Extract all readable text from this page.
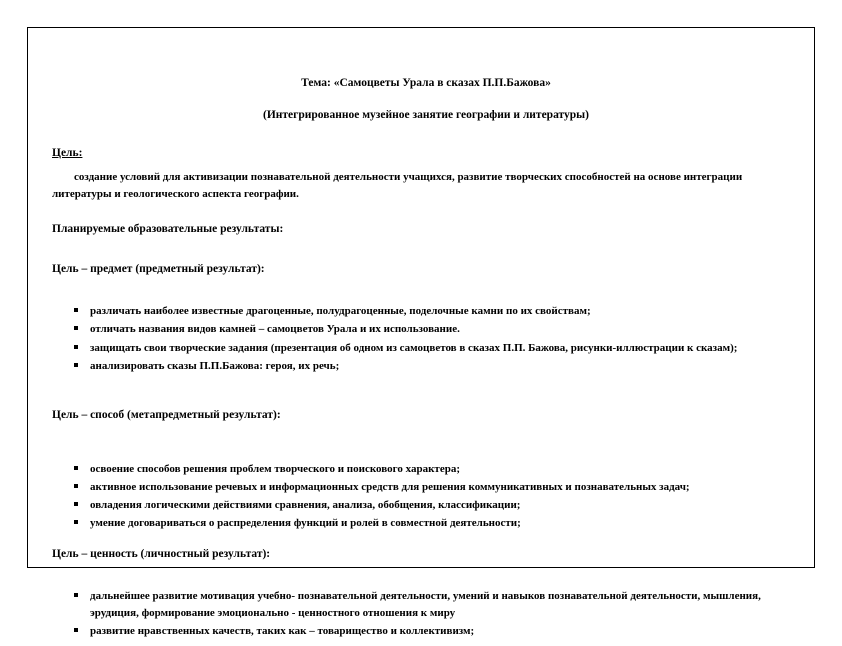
Тема: «Самоцветы Урала в сказах П.П.Бажова»
(Интегрированное музейное занятие географии и литературы)
Цель:
создание условий для активизации познавательной деятельности учащихся, развитие творческих способностей на основе интеграции литературы и геологического аспекта географии.
Планируемые образовательные результаты:
Цель – предмет (предметный результат):
различать наиболее известные драгоценные, полудрагоценные, поделочные камни по их свойствам;
отличать названия видов камней – самоцветов Урала и их использование.
защищать свои творческие задания (презентация об одном из самоцветов в сказах П.П. Бажова, рисунки-иллюстрации к сказам);
анализировать сказы П.П.Бажова: героя, их речь;
Цель – способ (метапредметный результат):
освоение способов решения проблем творческого и поискового характера;
активное использование речевых и информационных средств для решения коммуникативных и познавательных задач;
овладения логическими действиями сравнения, анализа, обобщения, классификации;
умение договариваться о распределения функций и ролей в совместной деятельности;
Цель – ценность (личностный результат):
дальнейшее развитие мотивация учебно- познавательной деятельности, умений и навыков познавательной деятельности, мышления, эрудиция, формирование эмоционально - ценностного отношения к миру
развитие нравственных качеств, таких как – товарищество и коллективизм;
